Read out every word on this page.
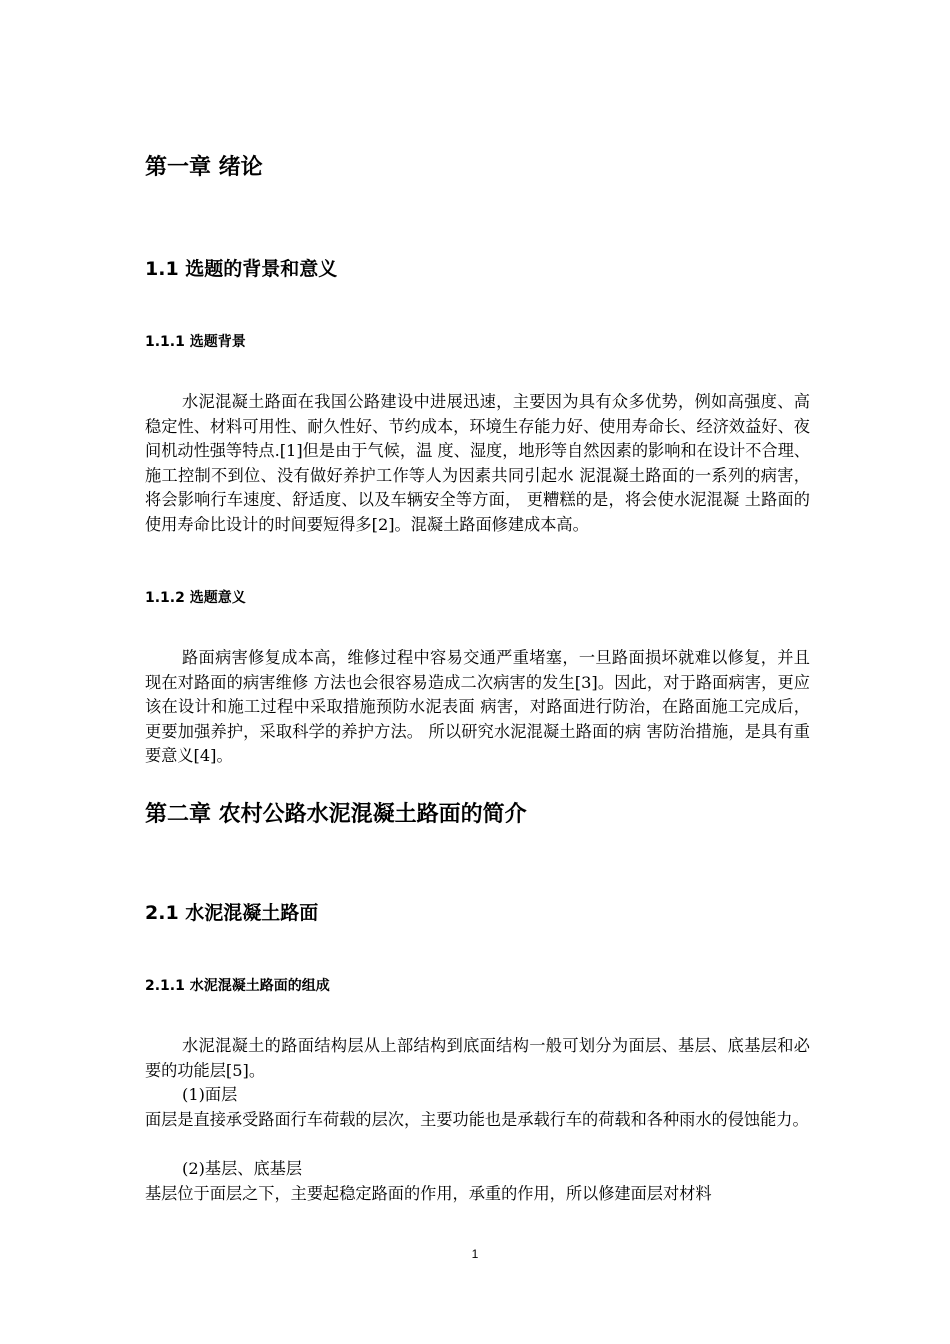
第一章 绪论
1.1 选题的背景和意义
1.1.1 选题背景

水泥混凝土路面在我国公路建设中进展迅速，主要因为具有众多优势，例如高强度、高稳定性、材料可用性、耐久性好、节约成本，环境生存能力好、使用寿命长、经济效益好、夜间机动性强等特点.[1]但是由于气候，温 度、湿度，地形等自然因素的影响和在设计不合理、施工控制不到位、没有做好养护工作等人为因素共同引起水 泥混凝土路面的一系列的病害，将会影响行车速度、舒适度、以及车辆安全等方面， 更糟糕的是，将会使水泥混凝 土路面的使用寿命比设计的时间要短得多[2]。混凝土路面修建成本高。

1.1.2 选题意义

路面病害修复成本高，维修过程中容易交通严重堵塞，一旦路面损坏就难以修复，并且现在对路面的病害维修 方法也会很容易造成二次病害的发生[3]。因此，对于路面病害，更应该在设计和施工过程中采取措施预防水泥表面 病害，对路面进行防治，在路面施工完成后， 更要加强养护，采取科学的养护方法。 所以研究水泥混凝土路面的病 害防治措施，是具有重要意义[4]。

第二章 农村公路水泥混凝土路面的简介
2.1 水泥混凝土路面
2.1.1 水泥混凝土路面的组成

水泥混凝土的路面结构层从上部结构到底面结构一般可划分为面层、基层、底基层和必要的功能层[5]。

(1)面层

面层是直接承受路面行车荷载的层次，主要功能也是承载行车的荷载和各种雨水的侵蚀能力。

(2)基层、底基层

基层位于面层之下，主要起稳定路面的作用，承重的作用，所以修建面层对材料

1
